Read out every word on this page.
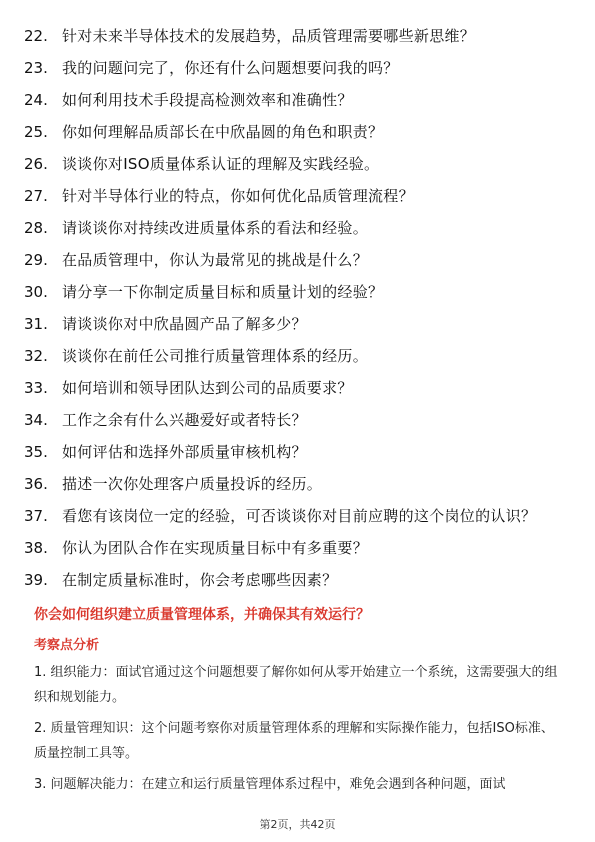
22. 针对未来半导体技术的发展趋势，品质管理需要哪些新思维？
23. 我的问题问完了，你还有什么问题想要问我的吗？
24. 如何利用技术手段提高检测效率和准确性？
25. 你如何理解品质部长在中欣晶圆的角色和职责？
26. 谈谈你对ISO质量体系认证的理解及实践经验。
27. 针对半导体行业的特点，你如何优化品质管理流程？
28. 请谈谈你对持续改进质量体系的看法和经验。
29. 在品质管理中，你认为最常见的挑战是什么？
30. 请分享一下你制定质量目标和质量计划的经验？
31. 请谈谈你对中欣晶圆产品了解多少？
32. 谈谈你在前任公司推行质量管理体系的经历。
33. 如何培训和领导团队达到公司的品质要求？
34. 工作之余有什么兴趣爱好或者特长？
35. 如何评估和选择外部质量审核机构？
36. 描述一次你处理客户质量投诉的经历。
37. 看您有该岗位一定的经验，可否谈谈你对目前应聘的这个岗位的认识？
38. 你认为团队合作在实现质量目标中有多重要？
39. 在制定质量标准时，你会考虑哪些因素？
你会如何组织建立质量管理体系，并确保其有效运行？
考察点分析
1. 组织能力：面试官通过这个问题想要了解你如何从零开始建立一个系统，这需要强大的组织和规划能力。
2. 质量管理知识：这个问题考察你对质量管理体系的理解和实际操作能力，包括ISO标准、质量控制工具等。
3. 问题解决能力：在建立和运行质量管理体系过程中，难免会遇到各种问题，面试
第2页，共42页
